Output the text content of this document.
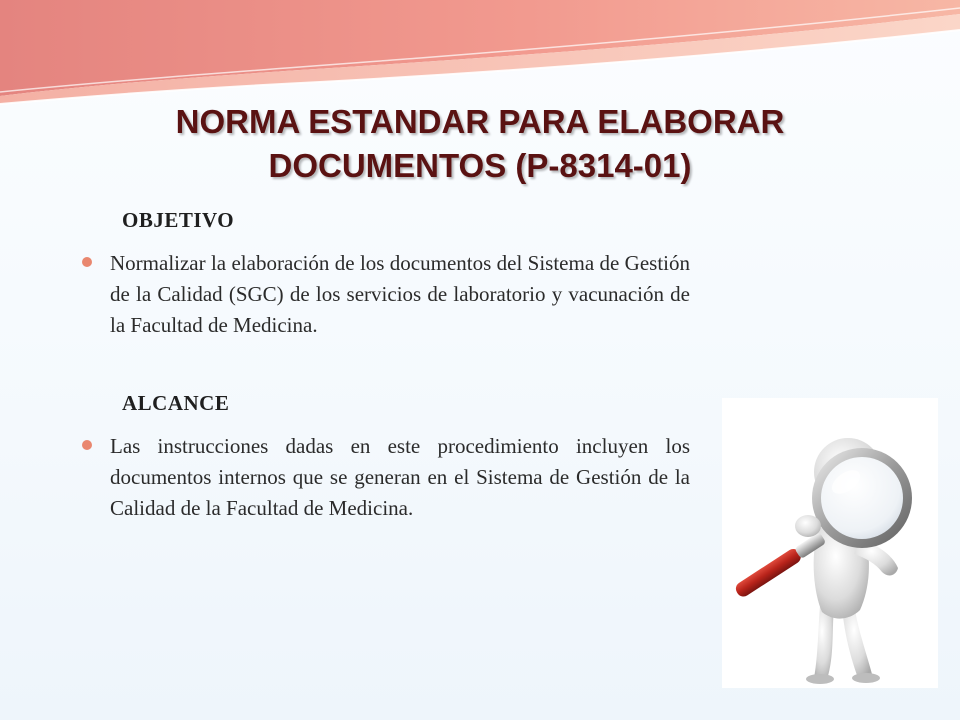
NORMA ESTANDAR PARA ELABORAR
DOCUMENTOS (P-8314-01)
OBJETIVO
Normalizar la elaboración de los documentos del Sistema de Gestión de la Calidad (SGC) de los servicios de laboratorio y vacunación de la Facultad de Medicina.
ALCANCE
Las instrucciones dadas en este procedimiento incluyen los documentos internos que se generan en el Sistema de Gestión de la Calidad de la Facultad de Medicina.
